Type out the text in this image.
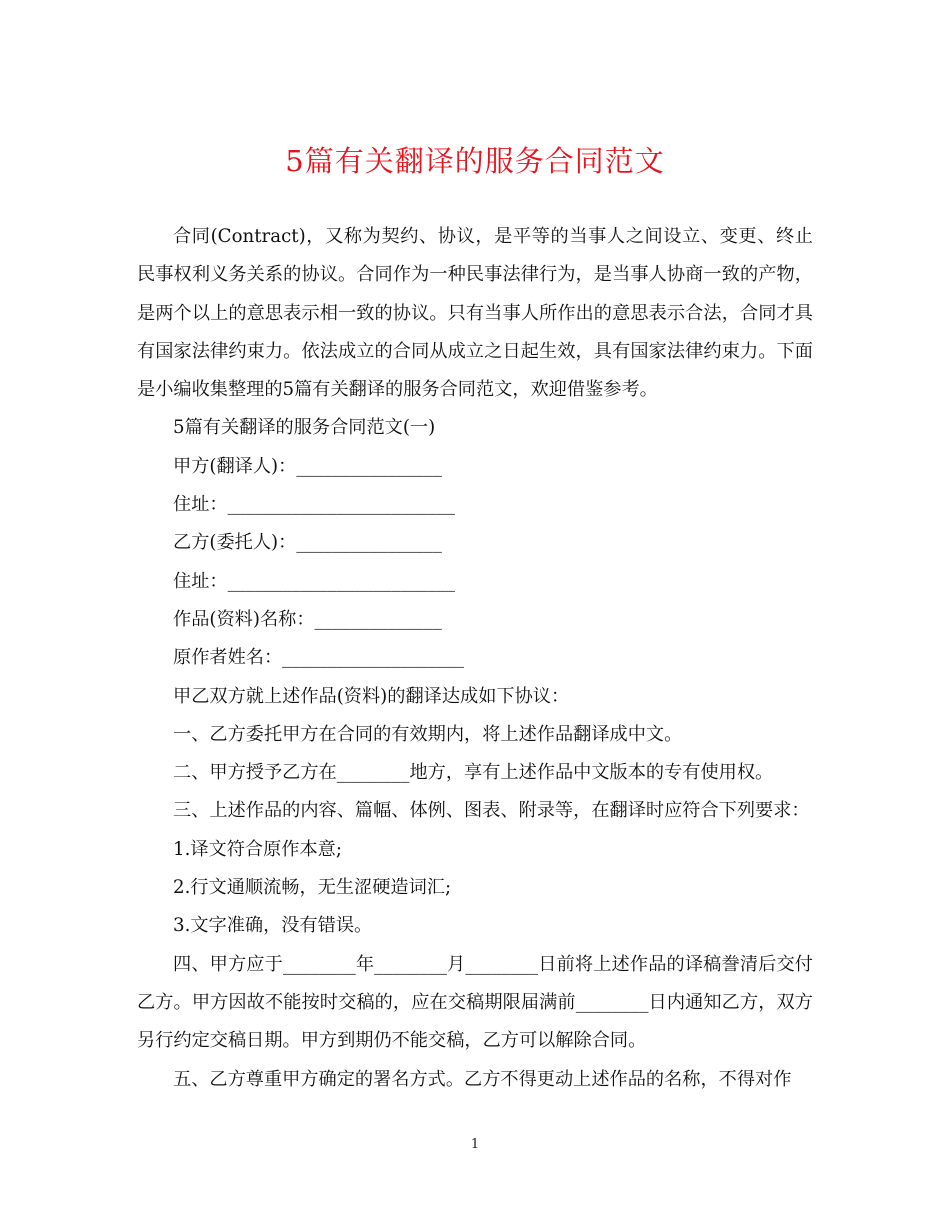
5篇有关翻译的服务合同范文

合同(Contract)，又称为契约、协议，是平等的当事人之间设立、变更、终止民事权利义务关系的协议。合同作为一种民事法律行为，是当事人协商一致的产物，是两个以上的意思表示相一致的协议。只有当事人所作出的意思表示合法，合同才具有国家法律约束力。依法成立的合同从成立之日起生效，具有国家法律约束力。下面是小编收集整理的5篇有关翻译的服务合同范文，欢迎借鉴参考。

5篇有关翻译的服务合同范文(一)

甲方(翻译人)：________________

住址：_________________________

乙方(委托人)：________________

住址：_________________________

作品(资料)名称：______________

原作者姓名：____________________

甲乙双方就上述作品(资料)的翻译达成如下协议：

一、乙方委托甲方在合同的有效期内，将上述作品翻译成中文。

二、甲方授予乙方在________地方，享有上述作品中文版本的专有使用权。

三、上述作品的内容、篇幅、体例、图表、附录等，在翻译时应符合下列要求：

1.译文符合原作本意;

2.行文通顺流畅，无生涩硬造词汇;

3.文字准确，没有错误。

四、甲方应于________年________月________日前将上述作品的译稿誊清后交付乙方。甲方因故不能按时交稿的，应在交稿期限届满前________日内通知乙方，双方另行约定交稿日期。甲方到期仍不能交稿，乙方可以解除合同。

五、乙方尊重甲方确定的署名方式。乙方不得更动上述作品的名称，不得对作

1
